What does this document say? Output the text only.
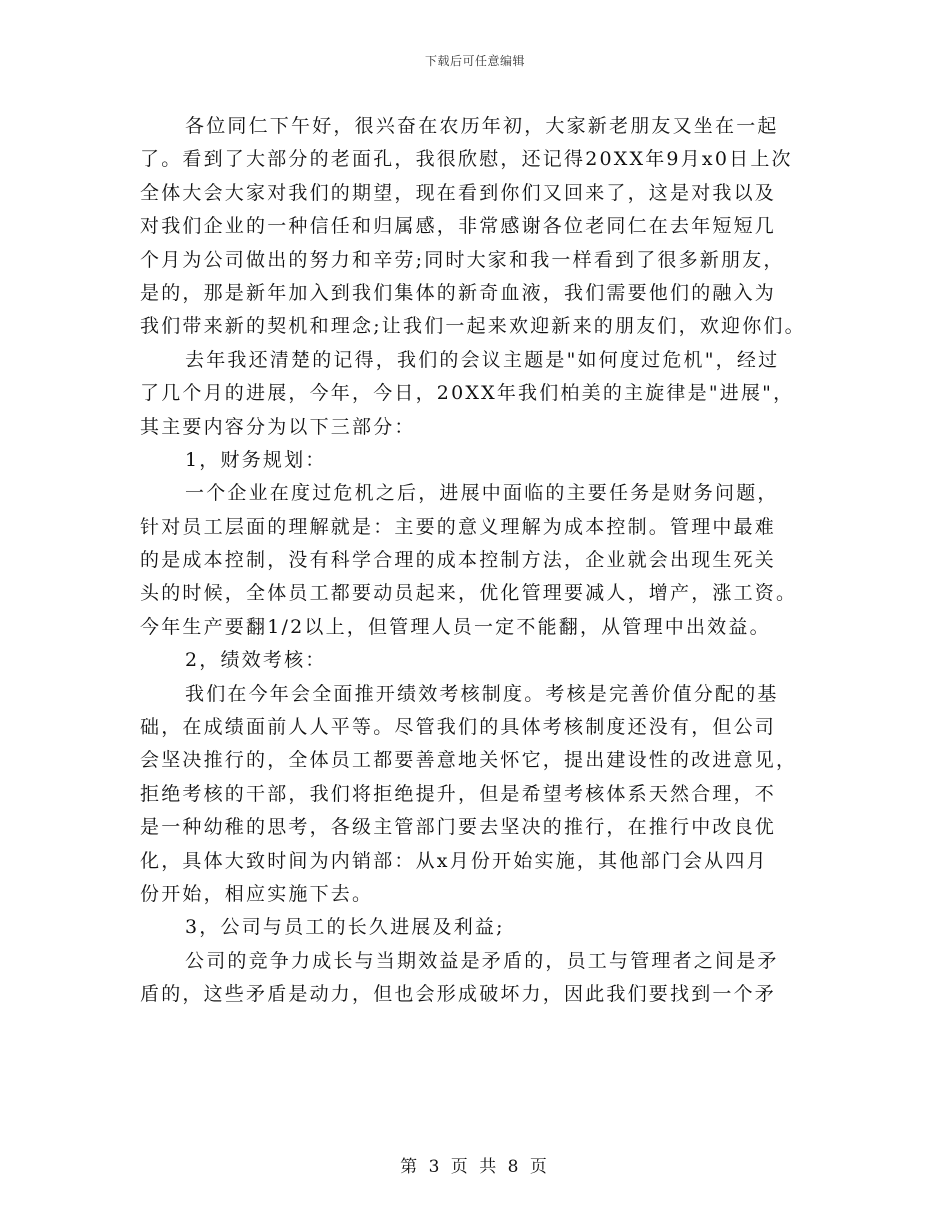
下载后可任意编辑
各位同仁下午好，很兴奋在农历年初，大家新老朋友又坐在一起
了。看到了大部分的老面孔，我很欣慰，还记得20XX年9月x0日上次
全体大会大家对我们的期望，现在看到你们又回来了，这是对我以及
对我们企业的一种信任和归属感，非常感谢各位老同仁在去年短短几
个月为公司做出的努力和辛劳;同时大家和我一样看到了很多新朋友，
是的，那是新年加入到我们集体的新奇血液，我们需要他们的融入为
我们带来新的契机和理念;让我们一起来欢迎新来的朋友们，欢迎你们。
去年我还清楚的记得，我们的会议主题是"如何度过危机"，经过
了几个月的进展，今年，今日，20XX年我们柏美的主旋律是"进展"，
其主要内容分为以下三部分：
1，财务规划：
一个企业在度过危机之后，进展中面临的主要任务是财务问题，
针对员工层面的理解就是：主要的意义理解为成本控制。管理中最难
的是成本控制，没有科学合理的成本控制方法，企业就会出现生死关
头的时候，全体员工都要动员起来，优化管理要减人，增产，涨工资。
今年生产要翻1/2以上，但管理人员一定不能翻，从管理中出效益。
2，绩效考核：
我们在今年会全面推开绩效考核制度。考核是完善价值分配的基
础，在成绩面前人人平等。尽管我们的具体考核制度还没有，但公司
会坚决推行的，全体员工都要善意地关怀它，提出建设性的改进意见，
拒绝考核的干部，我们将拒绝提升，但是希望考核体系天然合理，不
是一种幼稚的思考，各级主管部门要去坚决的推行，在推行中改良优
化，具体大致时间为内销部：从x月份开始实施，其他部门会从四月
份开始，相应实施下去。
3，公司与员工的长久进展及利益;
公司的竞争力成长与当期效益是矛盾的，员工与管理者之间是矛
盾的，这些矛盾是动力，但也会形成破坏力，因此我们要找到一个矛
第 3 页 共 8 页
